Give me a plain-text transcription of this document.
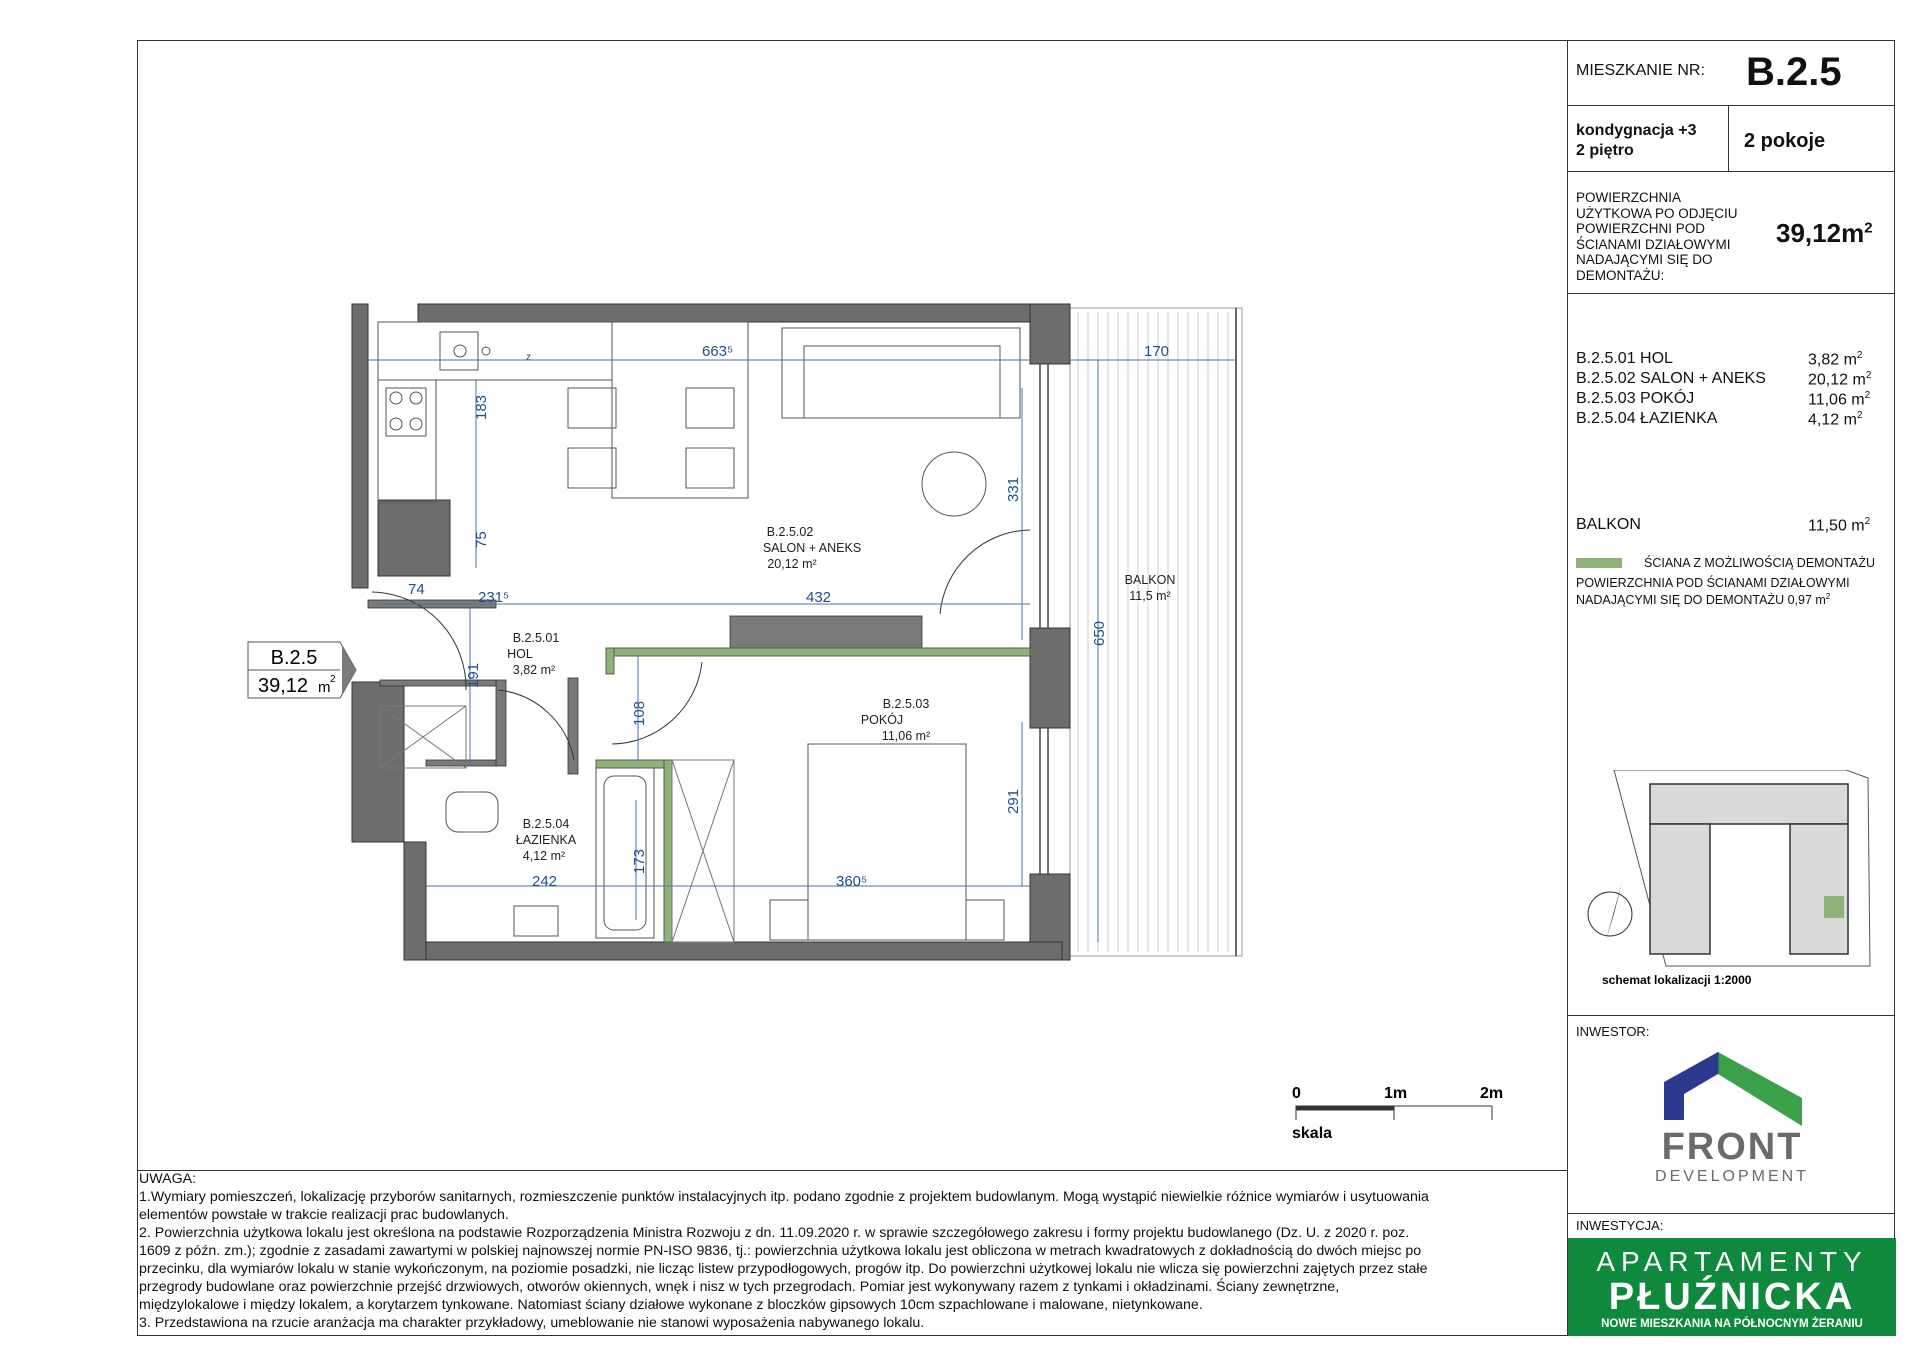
z	663⁵	170
183
75
331
74	231⁵	432
191
108
650
242
173
360⁵
291
B.2.5.02
SALON + ANEKS
20,12 m²
B.2.5.01
HOL
3,82 m²
B.2.5.03
POKÓJ
11,06 m²
B.2.5.04
ŁAZIENKA
4,12 m²
BALKON
11,5 m²
B.2.5
39,12 m 2
0	1m	2m
skala
UWAGA:
1.Wymiary pomieszczeń, lokalizację przyborów sanitarnych, rozmieszczenie punktów instalacyjnych itp. podano zgodnie z projektem budowlanym. Mogą wystąpić niewielkie różnice wymiarów i usytuowania
elementów powstałe w trakcie realizacji prac budowlanych.
2. Powierzchnia użytkowa lokalu jest określona na podstawie Rozporządzenia Ministra Rozwoju z dn. 11.09.2020 r. w sprawie szczegółowego zakresu i formy projektu budowlanego (Dz. U. z 2020 r. poz.
1609 z późn. zm.); zgodnie z zasadami zawartymi w polskiej najnowszej normie PN-ISO 9836, tj.: powierzchnia użytkowa lokalu jest obliczona w metrach kwadratowych z dokładnością do dwóch miejsc po
przecinku, dla wymiarów lokalu w stanie wykończonym, na poziomie posadzki, nie licząc listew przypodłogowych, progów itp. Do powierzchni użytkowej lokalu nie wlicza się powierzchni zajętych przez stałe
przegrody budowlane oraz powierzchnie przejść drzwiowych, otworów okiennych, wnęk i nisz w tych przegrodach. Pomiar jest wykonywany razem z tynkami i okładzinami. Ściany zewnętrzne,
międzylokalowe i między lokalem, a korytarzem tynkowane. Natomiast ściany działowe wykonane z bloczków gipsowych 10cm szpachlowane i malowane, nietynkowane.
3. Przedstawiona na rzucie aranżacja ma charakter przykładowy, umeblowanie nie stanowi wyposażenia nabywanego lokalu.
MIESZKANIE NR: B.2.5
kondygnacja +3
2 piętro	2 pokoje
POWIERZCHNIA
UŻYTKOWA PO ODJĘCIU
POWIERZCHNI POD
ŚCIANAMI DZIAŁOWYMI
NADAJĄCYMI SIĘ DO
DEMONTAŻU:
$39,12m^2$
B.2.5.01 HOL	3,82 $m^2$
B.2.5.02 SALON + ANEKS	20,12 $m^2$
B.2.5.03 POKÓJ	11,06 $m^2$
B.2.5.04 ŁAZIENKA	4,12 $m^2$
BALKON	11,50 $m^2$
ŚCIANA Z MOŻLIWOŚCIĄ DEMONTAŻU
POWIERZCHNIA POD ŚCIANAMI DZIAŁOWYMI
NADAJĄCYMI SIĘ DO DEMONTAŻU 0,97 $m^2$
schemat lokalizacji 1:2000
INWESTOR:
FRONT
DEVELOPMENT
INWESTYCJA:
APARTAMENTY
PŁUŹNICKA
NOWE MIESZKANIA NA PÓŁNOCNYM ŻERANIU
